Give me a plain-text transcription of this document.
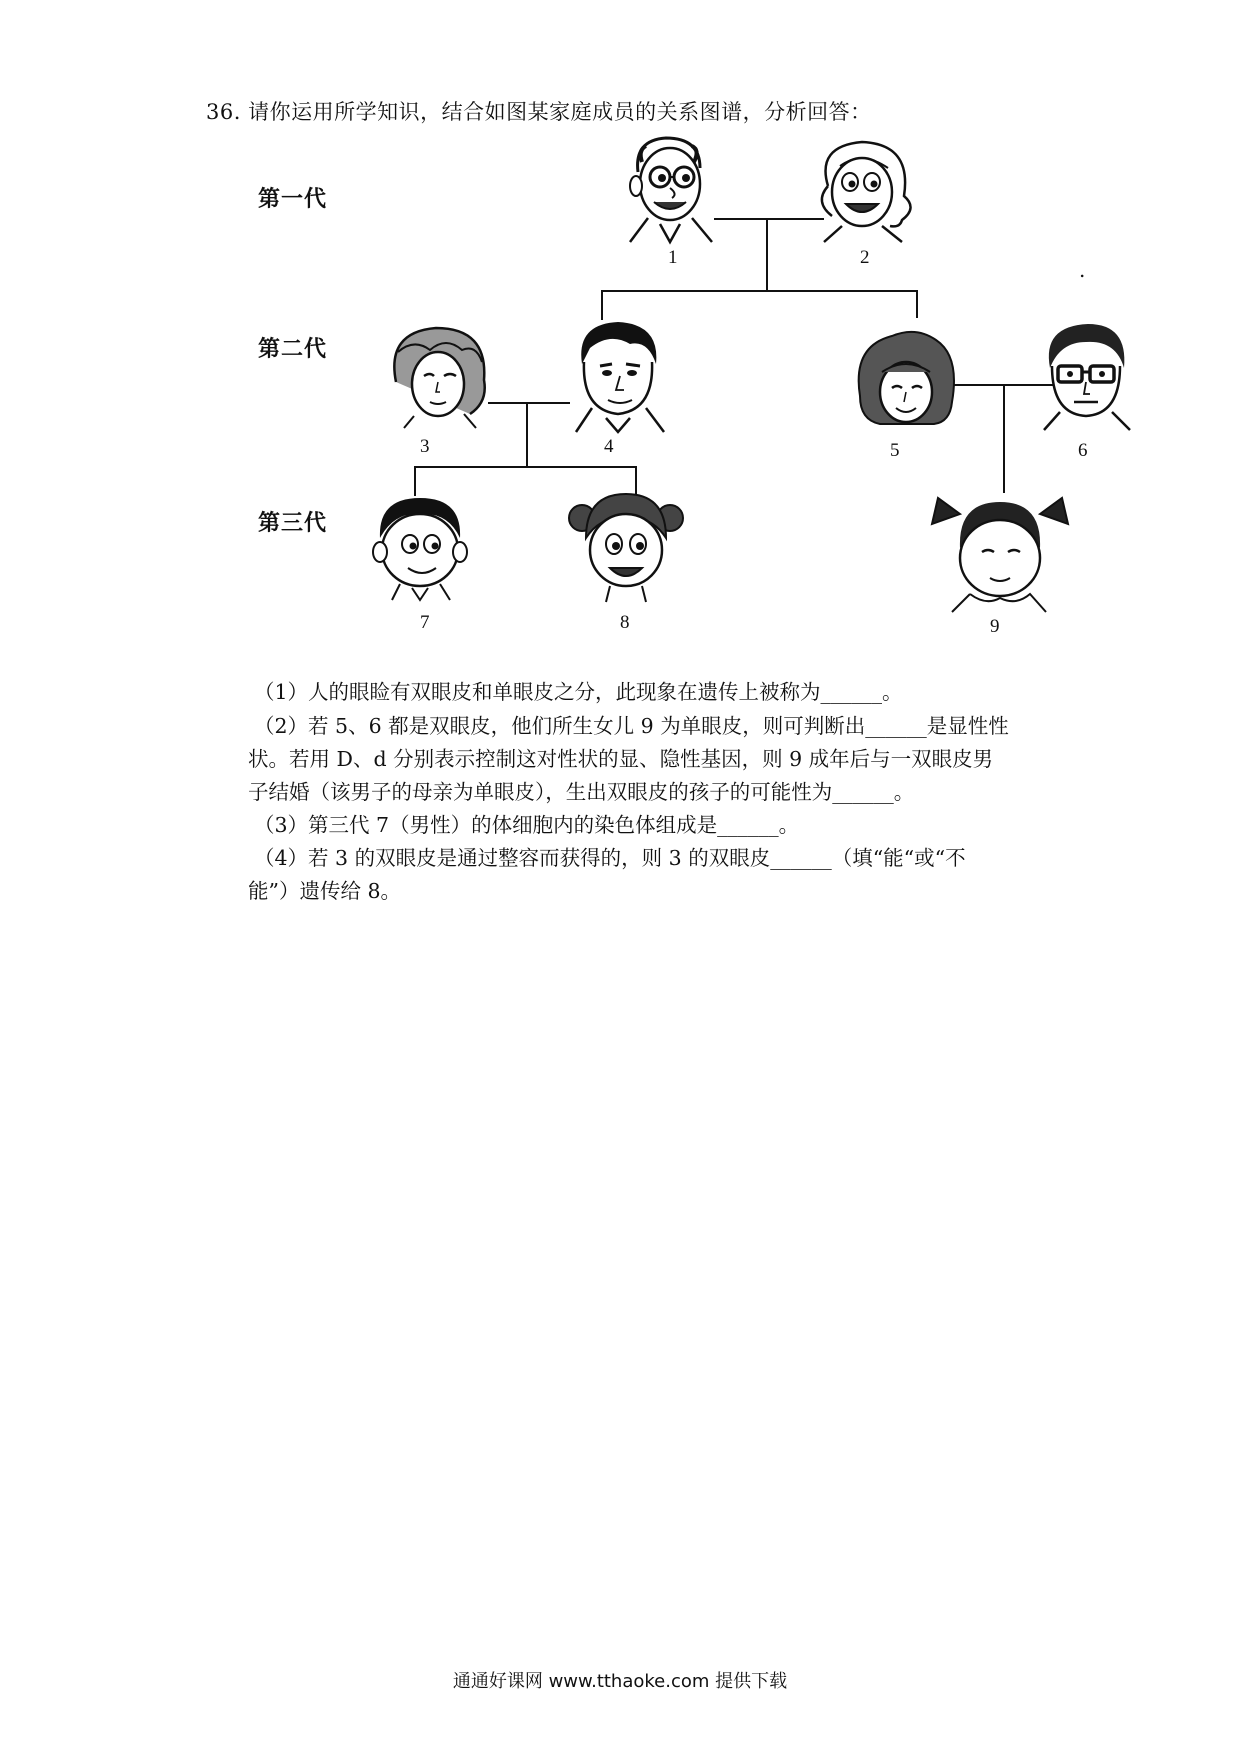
36. 请你运用所学知识，结合如图某家庭成员的关系图谱，分析回答：
第一代
第二代
第三代
.
1	2
3	4	5	6
7	8	9
（1）人的眼睑有双眼皮和单眼皮之分，此现象在遗传上被称为______。
（2）若 5、6 都是双眼皮，他们所生女儿 9 为单眼皮，则可判断出______是显性性
状。若用 D、d 分别表示控制这对性状的显、隐性基因，则 9 成年后与一双眼皮男
子结婚（该男子的母亲为单眼皮），生出双眼皮的孩子的可能性为______。
（3）第三代 7（男性）的体细胞内的染色体组成是______。
（4）若 3 的双眼皮是通过整容而获得的，则 3 的双眼皮______（填“能“或“不
能”）遗传给 8。
通通好课网 www.tthaoke.com 提供下载
